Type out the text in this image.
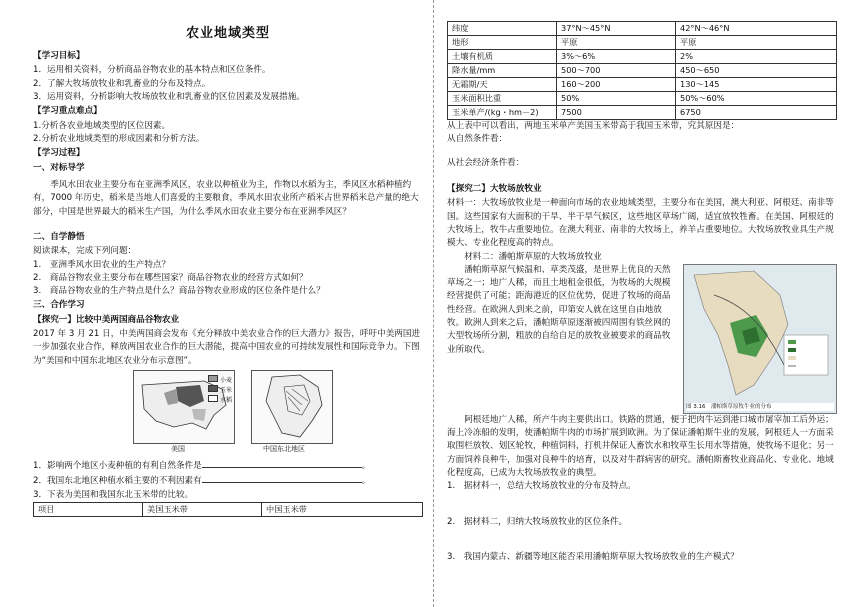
农业地域类型
【学习目标】

1．运用相关资料，分析商品谷物农业的基本特点和区位条件。

2．了解大牧场放牧业和乳畜业的分布及特点。

3．运用资料，分析影响大牧场放牧业和乳畜业的区位因素及发展措施。

【学习重点难点】

1.分析各农业地域类型的区位因素。

2.分析农业地域类型的形成因素和分析方法。

【学习过程】
一、对标导学

季风水田农业主要分布在亚洲季风区，农业以种植业为主，作物以水稻为主，季风区水稻种植约有，7000 年历史，稻米是当地人们喜爱的主要粮食，季风水田农业所产稻米占世界稻米总产量的绝大部分，中国是世界最大的稻米生产国，为什么季风水田农业主要分布在亚洲季风区？

二、自学静悟

阅读课本，完成下列问题：

1.　亚洲季风水田农业的生产特点？

2.　商品谷物农业主要分布在哪些国家？商品谷物农业的经营方式如何？

3.　商品谷物农业的生产特点是什么？商品谷物农业形成的区位条件是什么？

三、合作学习
【探究一】比较中美两国商品谷物农业

2017 年 3 月 21 日，中美两国商会发布《充分释放中美农业合作的巨大潜力》报告，呼吁中美两国进一步加强农业合作，释放两国农业合作的巨大潜能，提高中国农业的可持续发展性和国际竞争力。下图为“美国和中国东北地区农业分布示意图”。

小麦
玉米
水稻
美国	中国东北地区

1．影响两个地区小麦种植的有利自然条件是	。

2．我国东北地区种植水稻主要的不利因素有	。

3．下表为美国和我国东北玉米带的比较。

项目	美国玉米带	中国玉米带
纬度	37°N～45°N	42°N～46°N
地形	平原	平原
土壤有机质	3%～6%	2%
降水量/mm	500～700	450～650
无霜期/天	160～200	130～145
玉米面积比重	50%	50%～60%
玉米单产/(kg・hm－2)	7500	6750

从上表中可以看出，两地玉米单产美国玉米带高于我国玉米带，究其原因是：

从自然条件看：

从社会经济条件看：

【探究二】大牧场放牧业

材料一：大牧场放牧业是一种面向市场的农业地域类型，主要分布在美国，澳大利亚、阿根廷、南非等国。这些国家有大面积的干旱、半干旱气候区，这些地区草场广阔，适宜放牧牲畜。在美国、阿根廷的大牧场上，牧牛占重要地位。在澳大利亚、南非的大牧场上，养羊占重要地位。大牧场放牧业具生产规模大、专业化程度高的特点。

材料二：潘帕斯草原的大牧场放牧业

图 3.16　潘帕斯草原牧牛业的分布

潘帕斯草原气候温和、草类茂盛，是世界上优良的天然草场之一；地广人稀，而且土地租金很低，为牧场的大规模经营提供了可能；距海港近的区位优势，促进了牧场的商品性经营。在欧洲人到来之前，印第安人就在这里自由地放牧。欧洲人到来之后，潘帕斯草原逐渐被四周围有铁丝网的大型牧场所分割，粗放的自给自足的放牧业被要求的商品牧业所取代。

阿根廷地广人稀，所产牛肉主要供出口。铁路的贯通，便于把肉牛运到港口城市屠宰加工后外运；海上冷冻船的发明，使潘帕斯牛肉的市场扩展到欧洲。为了保证潘帕斯牛业的发展，阿根廷人一方面采取围栏放牧、划区轮牧，种植饲料，打机井保证人畜饮水和牧草生长用水等措施，使牧场不退化；另一方面饲养良种牛，加强对良种牛的培育，以及对牛群病害的研究。潘帕斯畜牧业商品化、专业化、地域化程度高，已成为大牧场放牧业的典型。

1.　据材料一，总结大牧场放牧业的分布及特点。

2.　据材料二，归纳大牧场放牧业的区位条件。

3.　我国内蒙古、新疆等地区能否采用潘帕斯草原大牧场放牧业的生产模式？
